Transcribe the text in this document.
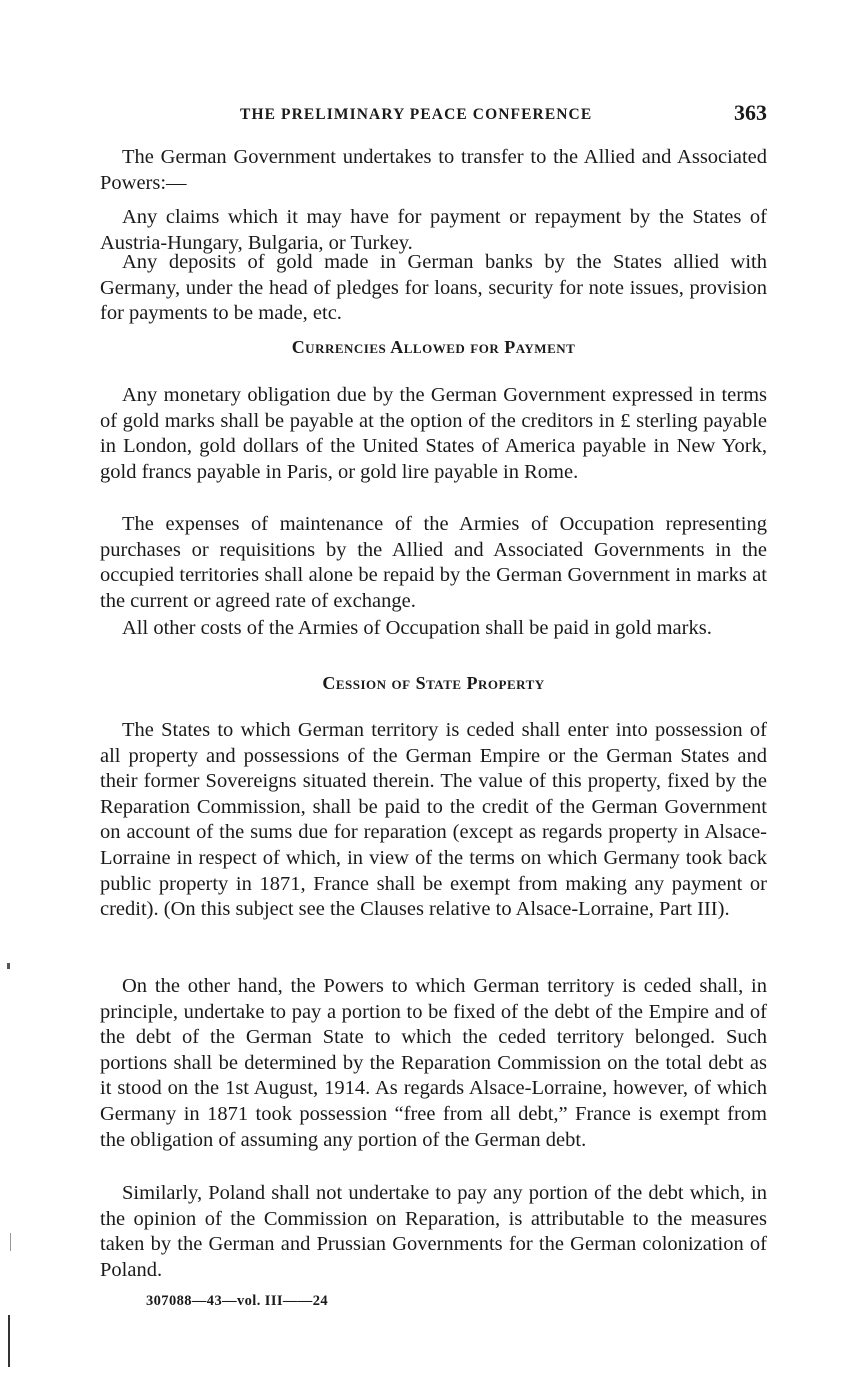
THE PRELIMINARY PEACE CONFERENCE	363

The German Government undertakes to transfer to the Allied and Associated Powers:—

Any claims which it may have for payment or repayment by the States of Austria-Hungary, Bulgaria, or Turkey.

Any deposits of gold made in German banks by the States allied with Germany, under the head of pledges for loans, security for note issues, provision for payments to be made, etc.

Currencies Allowed for Payment

Any monetary obligation due by the German Government expressed in terms of gold marks shall be payable at the option of the creditors in £ sterling payable in London, gold dollars of the United States of America payable in New York, gold francs payable in Paris, or gold lire payable in Rome.

The expenses of maintenance of the Armies of Occupation representing purchases or requisitions by the Allied and Associated Governments in the occupied territories shall alone be repaid by the German Government in marks at the current or agreed rate of exchange.

All other costs of the Armies of Occupation shall be paid in gold marks.

Cession of State Property

The States to which German territory is ceded shall enter into possession of all property and possessions of the German Empire or the German States and their former Sovereigns situated therein. The value of this property, fixed by the Reparation Commission, shall be paid to the credit of the German Government on account of the sums due for reparation (except as regards property in Alsace-Lorraine in respect of which, in view of the terms on which Germany took back public property in 1871, France shall be exempt from making any payment or credit). (On this subject see the Clauses relative to Alsace-Lorraine, Part III).

On the other hand, the Powers to which German territory is ceded shall, in principle, undertake to pay a portion to be fixed of the debt of the Empire and of the debt of the German State to which the ceded territory belonged. Such portions shall be determined by the Reparation Commission on the total debt as it stood on the 1st August, 1914. As regards Alsace-Lorraine, however, of which Germany in 1871 took possession “free from all debt,” France is exempt from the obligation of assuming any portion of the German debt.

Similarly, Poland shall not undertake to pay any portion of the debt which, in the opinion of the Commission on Reparation, is attributable to the measures taken by the German and Prussian Governments for the German colonization of Poland.

307088—43—vol. III——24
